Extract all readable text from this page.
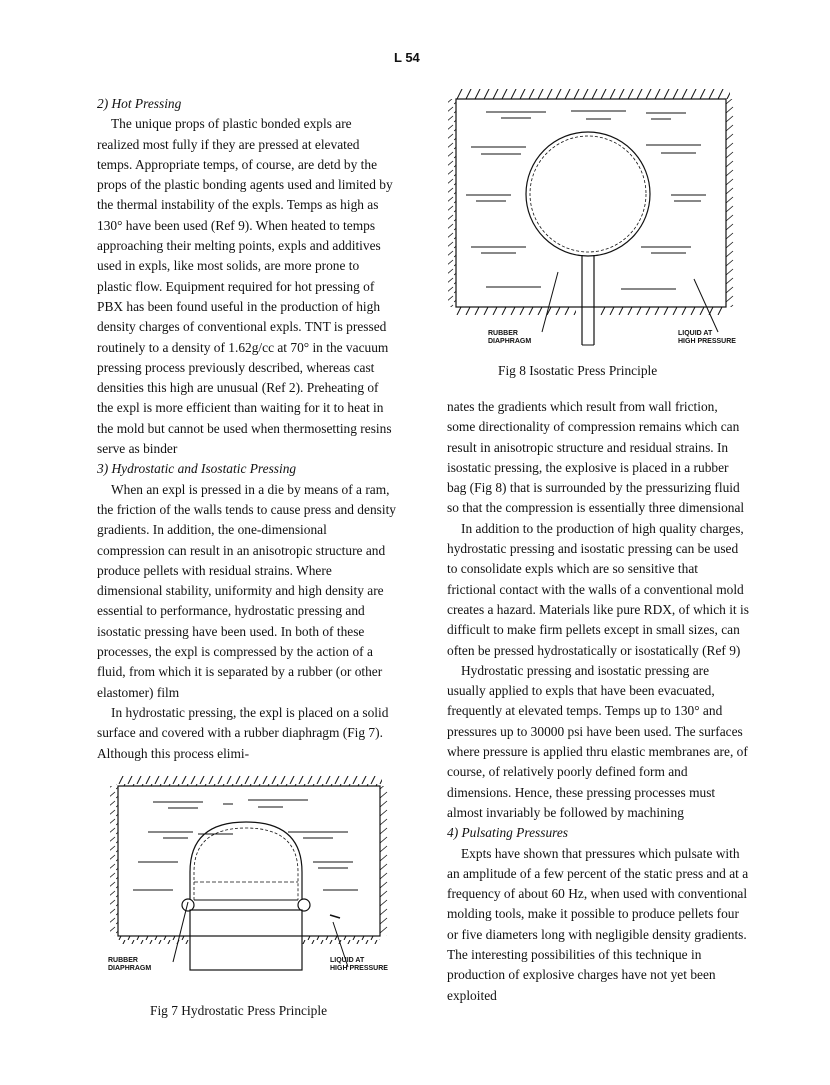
L 54

2) Hot Pressing

The unique props of plastic bonded expls are realized most fully if they are pressed at elevated temps. Appropriate temps, of course, are detd by the props of the plastic bonding agents used and limited by the thermal instability of the expls. Temps as high as 130° have been used (Ref 9). When heated to temps approaching their melting points, expls and additives used in expls, like most solids, are more prone to plastic flow. Equipment required for hot pressing of PBX has been found useful in the production of high density charges of conventional expls. TNT is pressed routinely to a density of 1.62g/cc at 70° in the vacuum pressing process previously described, whereas cast densities this high are unusual (Ref 2). Preheating of the expl is more efficient than waiting for it to heat in the mold but cannot be used when thermosetting resins serve as binder

3) Hydrostatic and Isostatic Pressing

When an expl is pressed in a die by means of a ram, the friction of the walls tends to cause press and density gradients. In addition, the one-dimensional compression can result in an anisotropic structure and produce pellets with residual strains. Where dimensional stability, uniformity and high density are essential to performance, hydrostatic pressing and isostatic pressing have been used. In both of these processes, the expl is compressed by the action of a fluid, from which it is separated by a rubber (or other elastomer) film

In hydrostatic pressing, the expl is placed on a solid surface and covered with a rubber diaphragm (Fig 7). Although this process elimi-

RUBBER
DIAPHRAGM
LIQUID AT
HIGH PRESSURE
Fig 7 Hydrostatic Press Principle
RUBBER
DIAPHRAGM
LIQUID AT
HIGH PRESSURE
Fig 8 Isostatic Press Principle

nates the gradients which result from wall friction, some directionality of compression remains which can result in anisotropic structure and residual strains. In isostatic pressing, the explosive is placed in a rubber bag (Fig 8) that is surrounded by the pressurizing fluid so that the compression is essentially three dimensional

In addition to the production of high quality charges, hydrostatic pressing and isostatic pressing can be used to consolidate expls which are so sensitive that frictional contact with the walls of a conventional mold creates a hazard. Materials like pure RDX, of which it is difficult to make firm pellets except in small sizes, can often be pressed hydrostatically or isostatically (Ref 9)

Hydrostatic pressing and isostatic pressing are usually applied to expls that have been evacuated, frequently at elevated temps. Temps up to 130° and pressures up to 30000 psi have been used. The surfaces where pressure is applied thru elastic membranes are, of course, of relatively poorly defined form and dimensions. Hence, these pressing processes must almost invariably be followed by machining

4) Pulsating Pressures

Expts have shown that pressures which pulsate with an amplitude of a few percent of the static press and at a frequency of about 60 Hz, when used with conventional molding tools, make it possible to produce pellets four or five diameters long with negligible density gradients. The interesting possibilities of this technique in production of explosive charges have not yet been exploited
